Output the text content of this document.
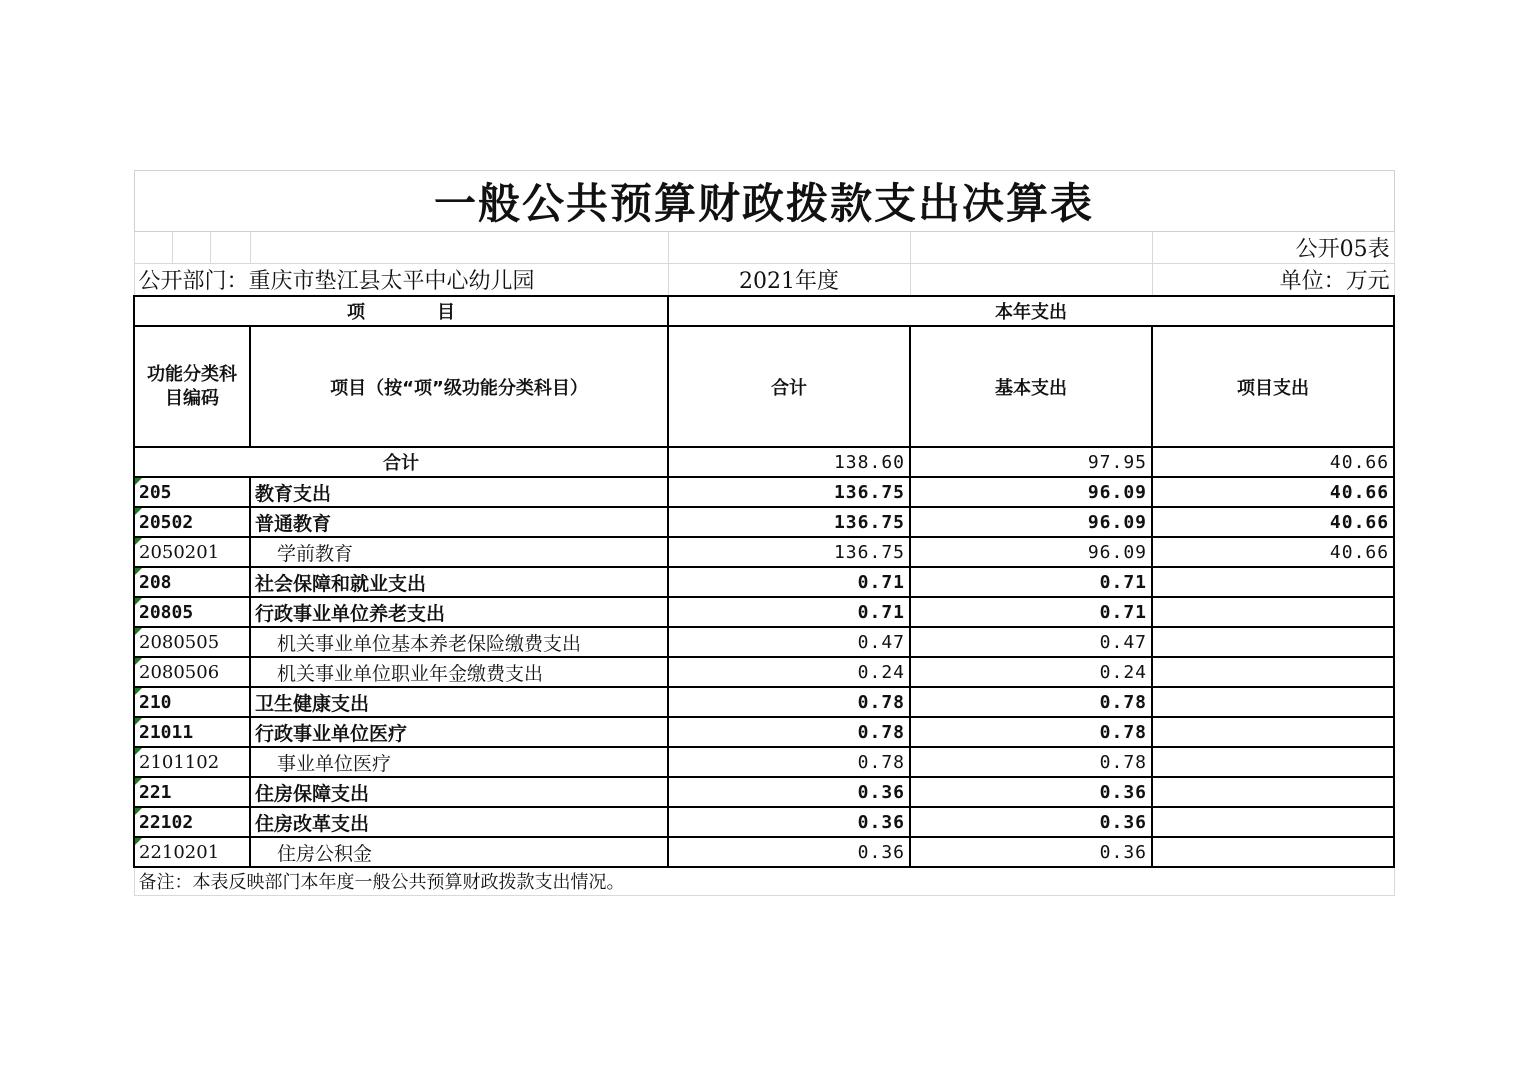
一般公共预算财政拨款支出决算表						
						公开05表
公开部门：重庆市垫江县太平中心幼儿园				2021年度		单位：万元
项　　　　目				本年支出		
功能分类科目编码			项目（按“项”级功能分类科目）	合计	基本支出	项目支出
合计				138.60	97.95	40.66

205			教育支出	136.75	96.09	40.66

20502			普通教育	136.75	96.09	40.66

2050201			学前教育	136.75	96.09	40.66

208			社会保障和就业支出	0.71	0.71	

20805			行政事业单位养老支出	0.71	0.71	

2080505			机关事业单位基本养老保险缴费支出	0.47	0.47	

2080506			机关事业单位职业年金缴费支出	0.24	0.24	

210			卫生健康支出	0.78	0.78	

21011			行政事业单位医疗	0.78	0.78	

2101102			事业单位医疗	0.78	0.78	

221			住房保障支出	0.36	0.36	

22102			住房改革支出	0.36	0.36	

2210201			住房公积金	0.36	0.36	
备注：本表反映部门本年度一般公共预算财政拨款支出情况。						
